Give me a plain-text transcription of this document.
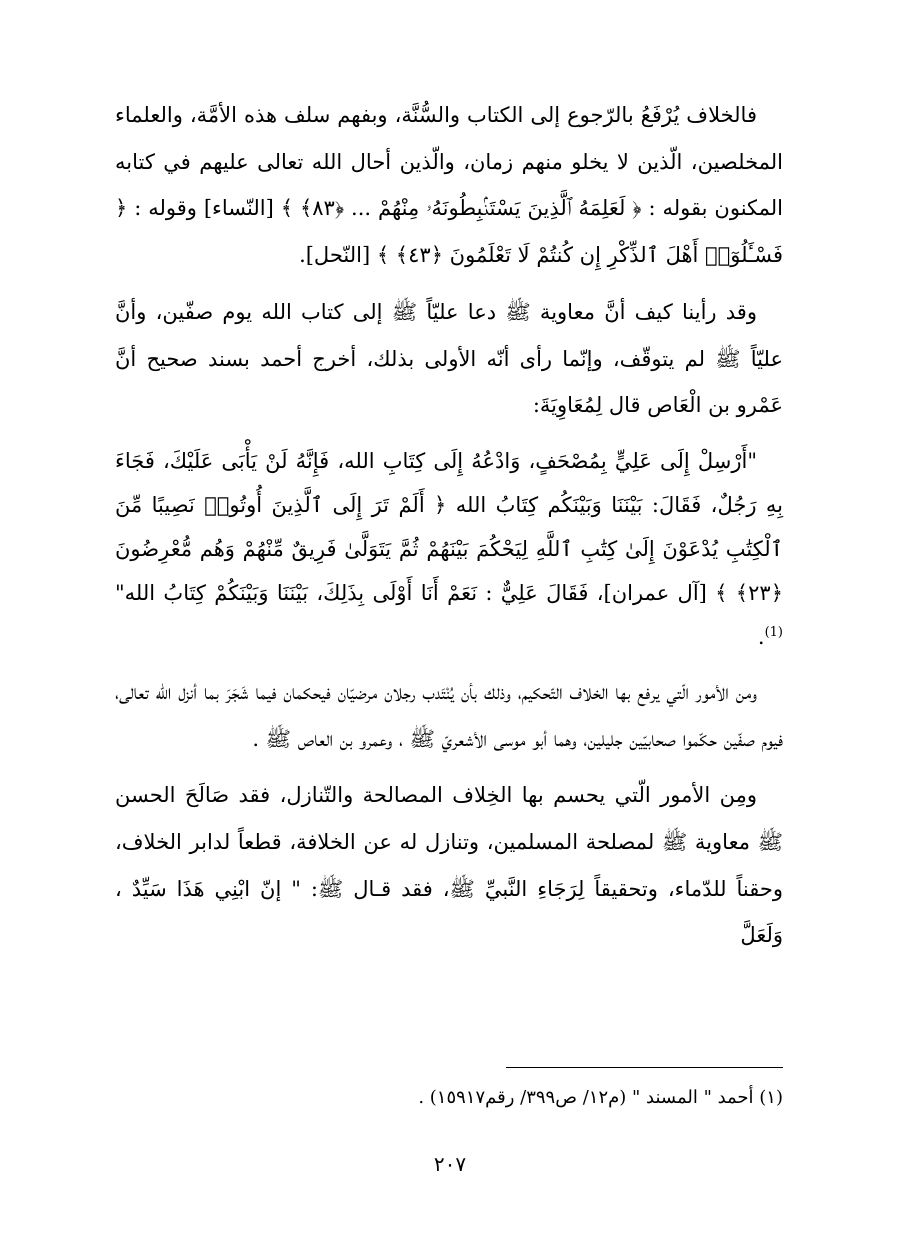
فالخلاف يُرْفَعُ بالرّجوع إلى الكتاب والسُّنَّة، وبفهم سلف هذه الأمَّة، والعلماء المخلصين، الّذين لا يخلو منهم زمان، والّذين أحال الله تعالى عليهم في كتابه المكنون بقوله : ﴿ لَعَلِمَهُ ٱلَّذِينَ يَسْتَنۢبِطُونَهُۥ مِنْهُمْ ... ﴿٨٣﴾ ﴾ [النّساء] وقوله : ﴿ فَسْـَٔلُوٓا۟ أَهْلَ ٱلذِّكْرِ إِن كُنتُمْ لَا تَعْلَمُونَ ﴿٤٣﴾ ﴾ [النّحل].

وقد رأينا كيف أنَّ معاوية ﷺ دعا عليّاً ﷺ إلى كتاب الله يوم صفّين، وأنَّ عليّاً ﷺ لم يتوقّف، وإنّما رأى أنّه الأولى بذلك، أخرج أحمد بسند صحيح أنَّ عَمْرو بن الْعَاص قال لِمُعَاوِيَةَ:

"أَرْسِلْ إِلَى عَلِيٍّ بِمُصْحَفٍ، وَادْعُهُ إِلَى كِتَابِ الله، فَإِنَّهُ لَنْ يَأْبَى عَلَيْكَ، فَجَاءَ بِهِ رَجُلٌ، فَقَالَ: بَيْنَنَا وَبَيْنَكُم كِتَابُ الله ﴿ أَلَمْ تَرَ إِلَى ٱلَّذِينَ أُوتُوا۟ نَصِيبًا مِّنَ ٱلْكِتَٰبِ يُدْعَوْنَ إِلَىٰ كِتَٰبِ ٱللَّهِ لِيَحْكُمَ بَيْنَهُمْ ثُمَّ يَتَوَلَّىٰ فَرِيقٌ مِّنْهُمْ وَهُم مُّعْرِضُونَ ﴿٢٣﴾ ﴾ [آل عمران]، فَقَالَ عَلِيٌّ : نَعَمْ أَنَا أَوْلَى بِذَلِكَ، بَيْنَنَا وَبَيْنَكُمْ كِتَابُ الله"$^{(1)}$.

ومن الأمور الّتي يرفع بها الخلاف التّحكيم، وذلك بأن يُنْتَدب رجلان مرضيّان فيحكمان فيما شَجَرَ بما أنزل الله تعالى، فيوم صفّين حكّموا صحابيّين جليلين، وهما أبو موسى الأشعريّ ﷺ ، وعمرو بن العاص ﷺ .

ومِن الأمور الّتي يحسم بها الخِلاف المصالحة والتّنازل، فقد صَالَحَ الحسن ﷺ معاوية ﷺ لمصلحة المسلمين، وتنازل له عن الخلافة، قطعاً لدابر الخلاف، وحقناً للدّماء، وتحقيقاً لِرَجَاءِ النَّبيِّ ﷺ، فقد قـال ﷺ: " إنّ ابْنِي هَذَا سَيِّدٌ ، وَلَعَلَّ

(١) أحمد " المسند " (م١٢/ ص٣٩٩/ رقم١٥٩١٧) .
٢٠٧
